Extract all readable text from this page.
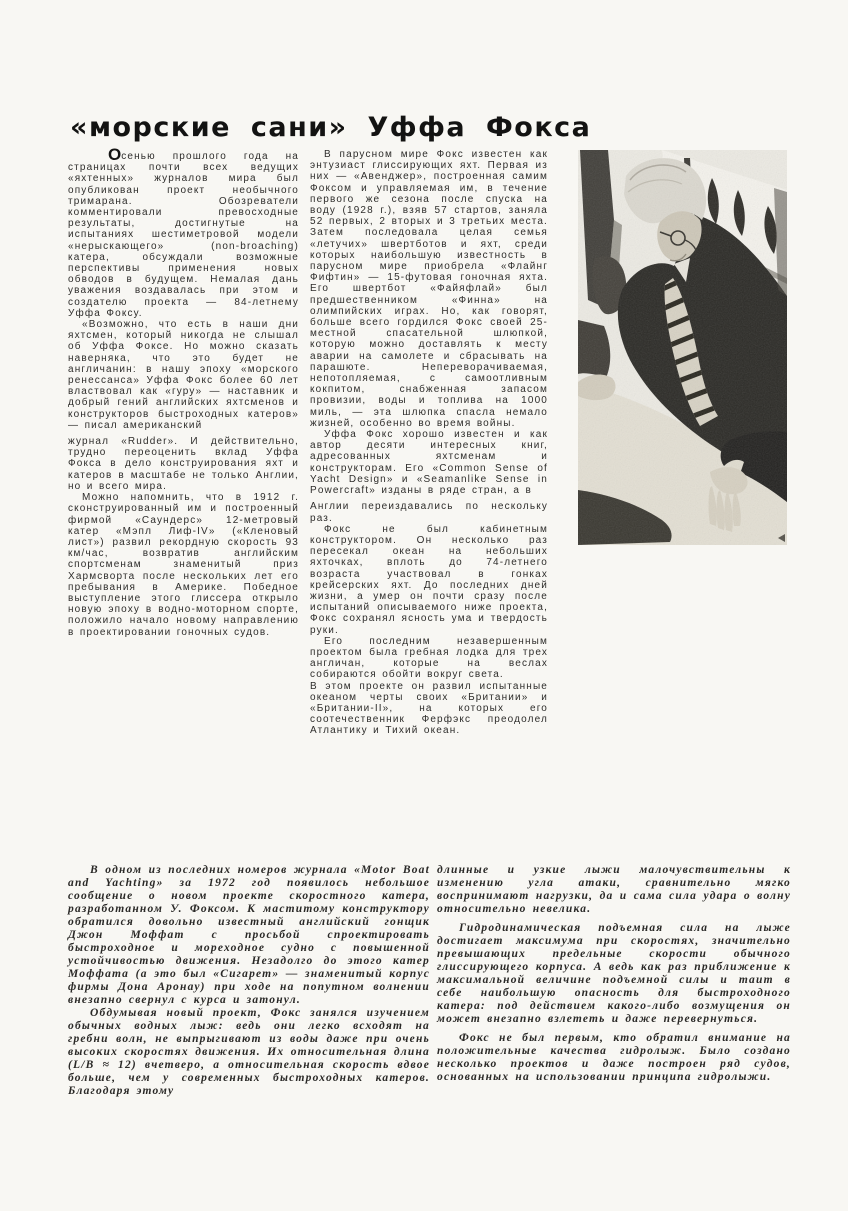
«морские сани» Уффа Фокса

Осенью прошлого года на страницах почти всех ведущих «яхтенных» журналов мира был опубликован проект необычного тримарана. Обозреватели комментировали превосходные результаты, достигнутые на испытаниях шестиметровой модели «нерыскающего» (non-broaching) катера, обсуждали возможные перспективы применения новых обводов в будущем. Немалая дань уважения воздавалась при этом и создателю проекта — 84-летнему Уффа Фоксу.

«Возможно, что есть в наши дни яхтсмен, который никогда не слышал об Уффа Фоксе. Но можно сказать наверняка, что это будет не англичанин: в нашу эпоху «морского ренессанса» Уффа Фокс более 60 лет властвовал как «гуру» — наставник и добрый гений английских яхтсменов и конструкторов быстроходных катеров» — писал американский

журнал «Rudder». И действительно, трудно переоценить вклад Уффа Фокса в дело конструирования яхт и катеров в масштабе не только Англии, но и всего мира.

Можно напомнить, что в 1912 г. сконструированный им и построенный фирмой «Саундерс» 12-метровый катер «Мэпл Лиф-IV» («Кленовый лист») развил рекордную скорость 93 км/час, возвратив английским спортсменам знаменитый приз Хармсворта после нескольких лет его пребывания в Америке. Победное выступление этого глиссера открыло новую эпоху в водно-моторном спорте, положило начало новому направлению в проектировании гоночных судов.

В парусном мире Фокс известен как энтузиаст глиссирующих яхт. Первая из них — «Авенджер», построенная самим Фоксом и управляемая им, в течение первого же сезона после спуска на воду (1928 г.), взяв 57 стартов, заняла 52 первых, 2 вторых и 3 третьих места. Затем последовала целая семья «летучих» швертботов и яхт, среди которых наибольшую известность в парусном мире приобрела «Флайнг Фифтин» — 15-футовая гоночная яхта. Его швертбот «Файяфлай» был предшественником «Финна» на олимпийских играх. Но, как говорят, больше всего гордился Фокс своей 25-местной спасательной шлюпкой, которую можно доставлять к месту аварии на самолете и сбрасывать на парашюте. Непереворачиваемая, непотопляемая, с самоотливным кокпитом, снабженная запасом провизии, воды и топлива на 1000 миль, — эта шлюпка спасла немало жизней, особенно во время войны.

Уффа Фокс хорошо известен и как автор десяти интересных книг, адресованных яхтсменам и конструкторам. Его «Common Sense of Yacht Design» и «Seamanlike Sense in Powercraft» изданы в ряде стран, а в

Англии переиздавались по нескольку раз.

Фокс не был кабинетным конструктором. Он несколько раз пересекал океан на небольших яхточках, вплоть до 74-летнего возраста участвовал в гонках крейсерских яхт. До последних дней жизни, а умер он почти сразу после испытаний описываемого ниже проекта, Фокс сохранял ясность ума и твердость руки.

Его последним незавершенным проектом была гребная лодка для трех англичан, которые на веслах собираются обойти вокруг света.

В этом проекте он развил испытанные океаном черты своих «Британии» и «Британии-II», на которых его соотечественник Ферфэкс преодолел Атлантику и Тихий океан.

В одном из последних номеров журнала «Motor Boat and Yachting» за 1972 год появилось небольшое сообщение о новом проекте скоростного катера, разработанном У. Фоксом. К маститому конструктору обратился довольно известный английский гонщик Джон Моффат с просьбой спроектировать быстроходное и мореходное судно с повышенной устойчивостью движения. Незадолго до этого катер Моффата (а это был «Сигарет» — знаменитый корпус фирмы Дона Аронау) при ходе на попутном волнении внезапно свернул с курса и затонул.

Обдумывая новый проект, Фокс занялся изучением обычных водных лыж: ведь они легко всходят на гребни волн, не выпрыгивают из воды даже при очень высоких скоростях движения. Их относительная длина (L/B ≈ 12) вчетверо, а относительная скорость вдвое больше, чем у современных быстроходных катеров. Благодаря этому

длинные и узкие лыжи малочувствительны к изменению угла атаки, сравнительно мягко воспринимают нагрузки, да и сама сила удара о волну относительно невелика.

Гидродинамическая подъемная сила на лыже достигает максимума при скоростях, значительно превышающих предельные скорости обычного глиссирующего корпуса. А ведь как раз приближение к максимальной величине подъемной силы и таит в себе наибольшую опасность для быстроходного катера: под действием какого-либо возмущения он может внезапно взлететь и даже перевернуться.

Фокс не был первым, кто обратил внимание на положительные качества гидролыж. Было создано несколько проектов и даже построен ряд судов, основанных на использовании принципа гидролыжи.
